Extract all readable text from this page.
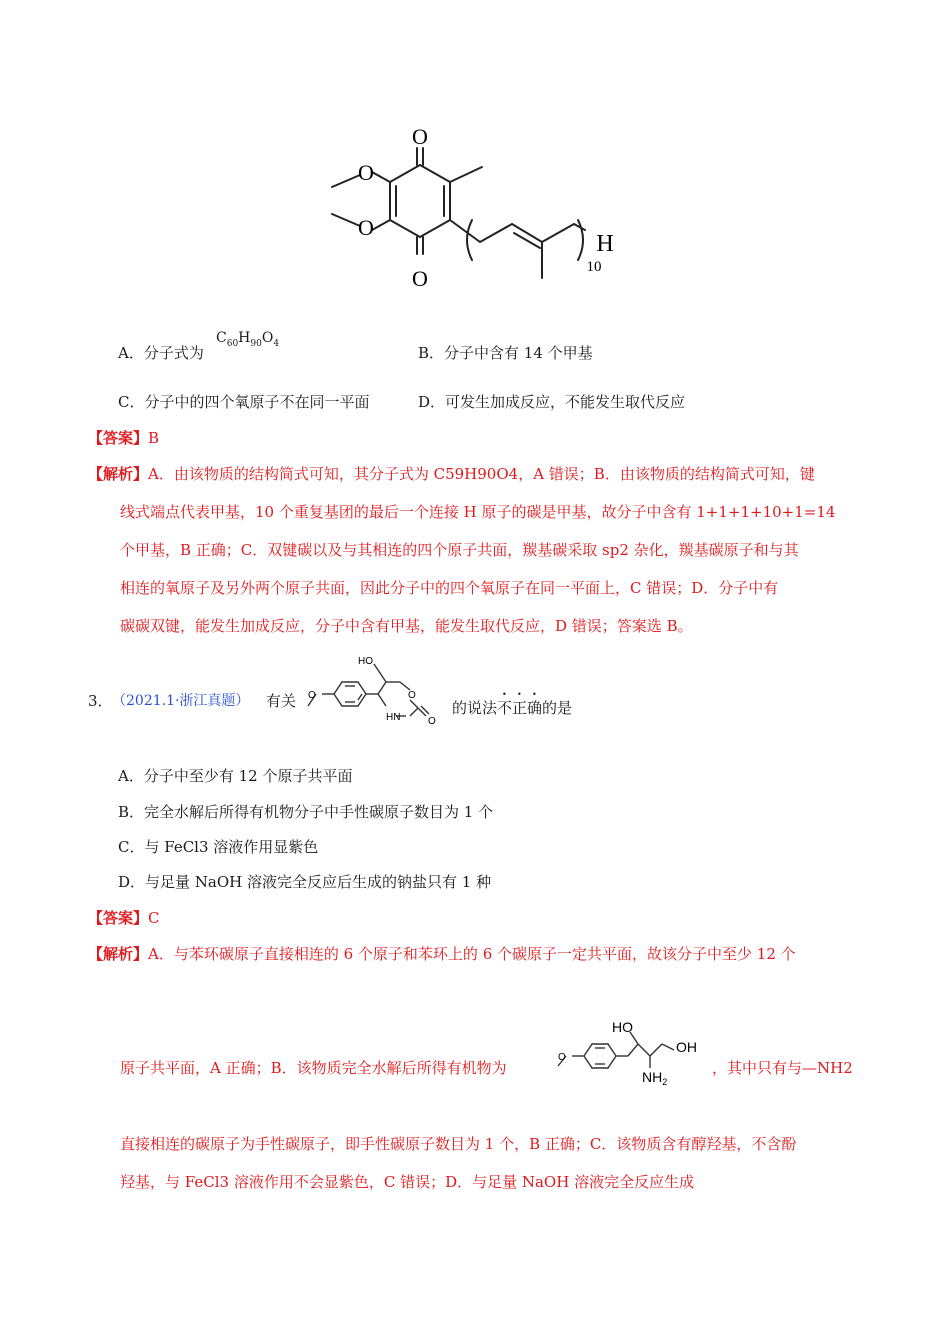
O
O
O
O
H
10
A．分子式为
$C_{60}H_{90}O_4$
B．分子中含有 14 个甲基
C．分子中的四个氧原子不在同一平面	D．可发生加成反应，不能发生取代反应
【答案】B
【解析】A．由该物质的结构简式可知，其分子式为 C59H90O4，A 错误；B．由该物质的结构简式可知，键
线式端点代表甲基，10 个重复基团的最后一个连接 H 原子的碳是甲基，故分子中含有 1+1+1+10+1=14
个甲基，B 正确；C．双键碳以及与其相连的四个原子共面，羰基碳采取 sp2 杂化，羰基碳原子和与其
相连的氧原子及另外两个原子共面，因此分子中的四个氧原子在同一平面上，C 错误；D．分子中有
碳碳双键，能发生加成反应，分子中含有甲基，能发生取代反应，D 错误；答案选 B。
3． （2021.1·浙江真题） 有关 O
HO
O
HN	O
的说法不正确的是
A．分子中至少有 12 个原子共平面
B．完全水解后所得有机物分子中手性碳原子数目为 1 个
C．与 FeCl3 溶液作用显紫色
D．与足量 NaOH 溶液完全反应后生成的钠盐只有 1 种
【答案】C
【解析】A．与苯环碳原子直接相连的 6 个原子和苯环上的 6 个碳原子一定共平面，故该分子中至少 12 个
原子共平面，A 正确；B．该物质完全水解后所得有机物为
O
HO
OH
$NH_2$
，其中只有与—NH2
直接相连的碳原子为手性碳原子，即手性碳原子数目为 1 个，B 正确；C．该物质含有醇羟基，不含酚
羟基，与 FeCl3 溶液作用不会显紫色，C 错误；D．与足量 NaOH 溶液完全反应生成
